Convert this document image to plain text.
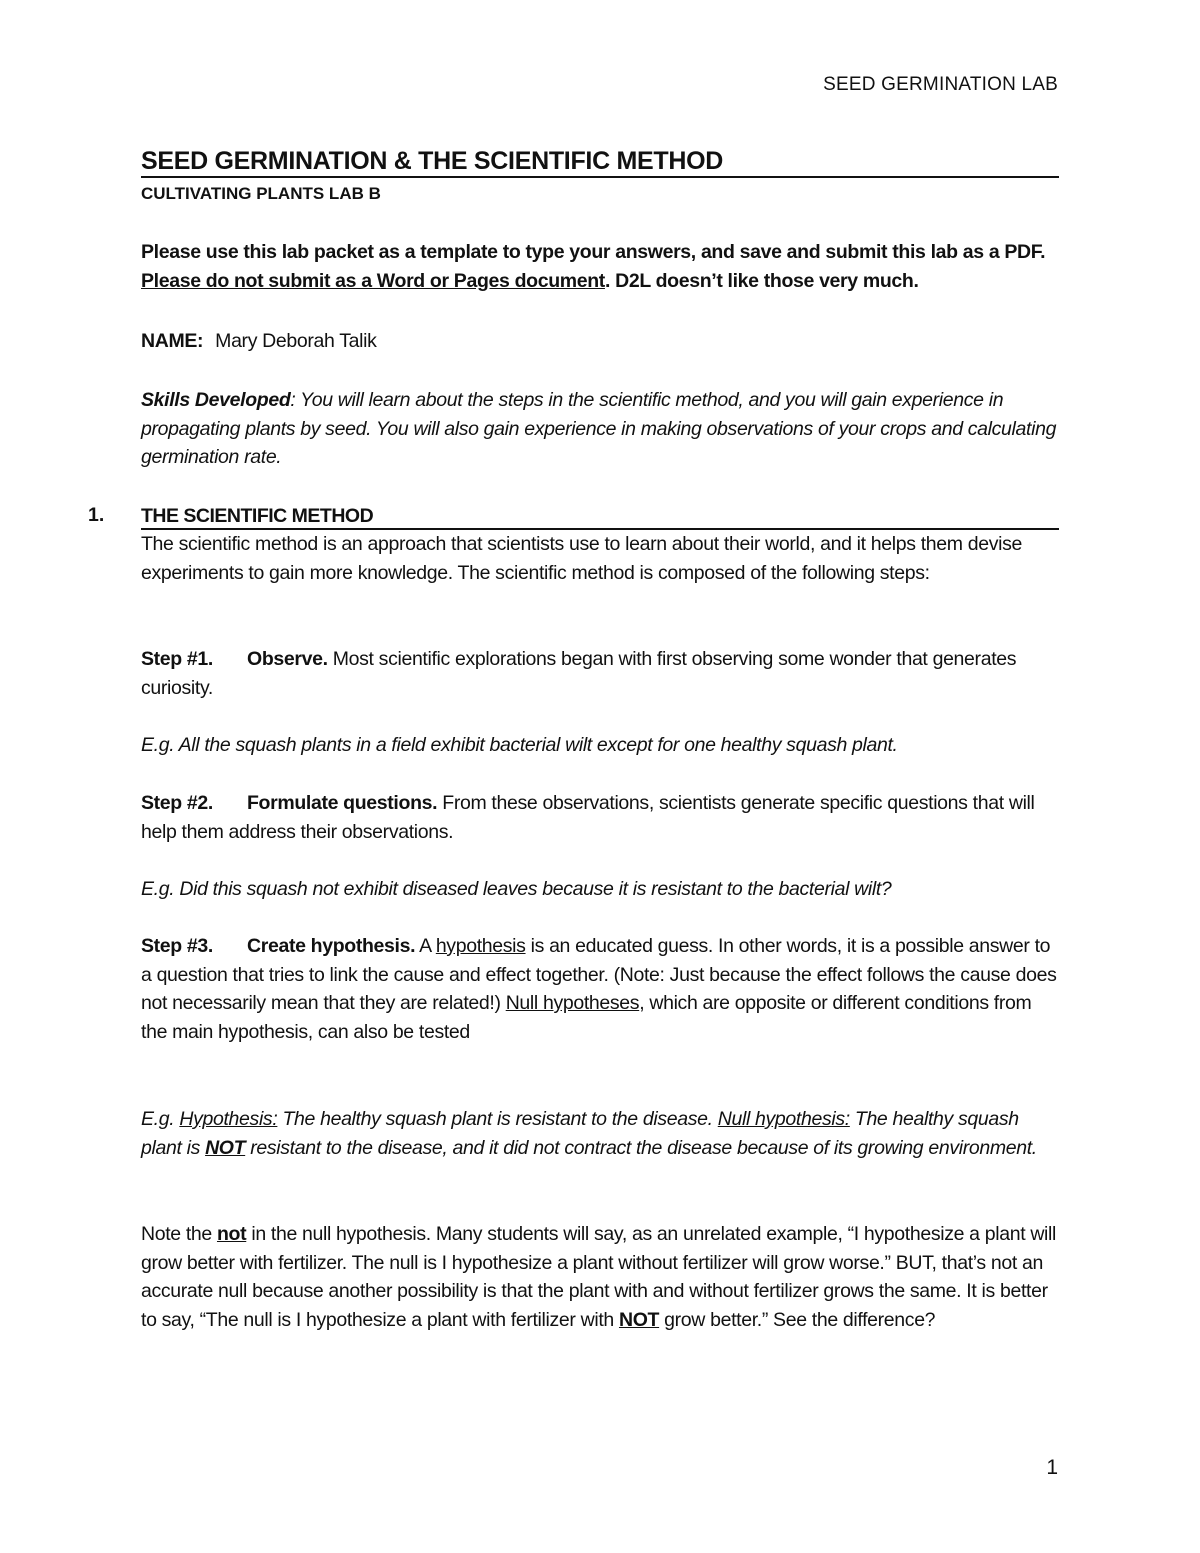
SEED GERMINATION LAB
SEED GERMINATION & THE SCIENTIFIC METHOD
CULTIVATING PLANTS LAB B
Please use this lab packet as a template to type your answers, and save and submit this lab as a PDF. Please do not submit as a Word or Pages document. D2L doesn’t like those very much.
NAME: Mary Deborah Talik
Skills Developed: You will learn about the steps in the scientific method, and you will gain experience in propagating plants by seed. You will also gain experience in making observations of your crops and calculating germination rate.
1. THE SCIENTIFIC METHOD
The scientific method is an approach that scientists use to learn about their world, and it helps them devise experiments to gain more knowledge. The scientific method is composed of the following steps:
Step #1. Observe. Most scientific explorations began with first observing some wonder that generates curiosity.
E.g. All the squash plants in a field exhibit bacterial wilt except for one healthy squash plant.
Step #2. Formulate questions. From these observations, scientists generate specific questions that will help them address their observations.
E.g. Did this squash not exhibit diseased leaves because it is resistant to the bacterial wilt?
Step #3. Create hypothesis. A hypothesis is an educated guess. In other words, it is a possible answer to a question that tries to link the cause and effect together. (Note: Just because the effect follows the cause does not necessarily mean that they are related!) Null hypotheses, which are opposite or different conditions from the main hypothesis, can also be tested
E.g. Hypothesis: The healthy squash plant is resistant to the disease. Null hypothesis: The healthy squash plant is NOT resistant to the disease, and it did not contract the disease because of its growing environment.
Note the not in the null hypothesis. Many students will say, as an unrelated example, “I hypothesize a plant will grow better with fertilizer. The null is I hypothesize a plant without fertilizer will grow worse.” BUT, that’s not an accurate null because another possibility is that the plant with and without fertilizer grows the same. It is better to say, “The null is I hypothesize a plant with fertilizer with NOT grow better.” See the difference?
1
